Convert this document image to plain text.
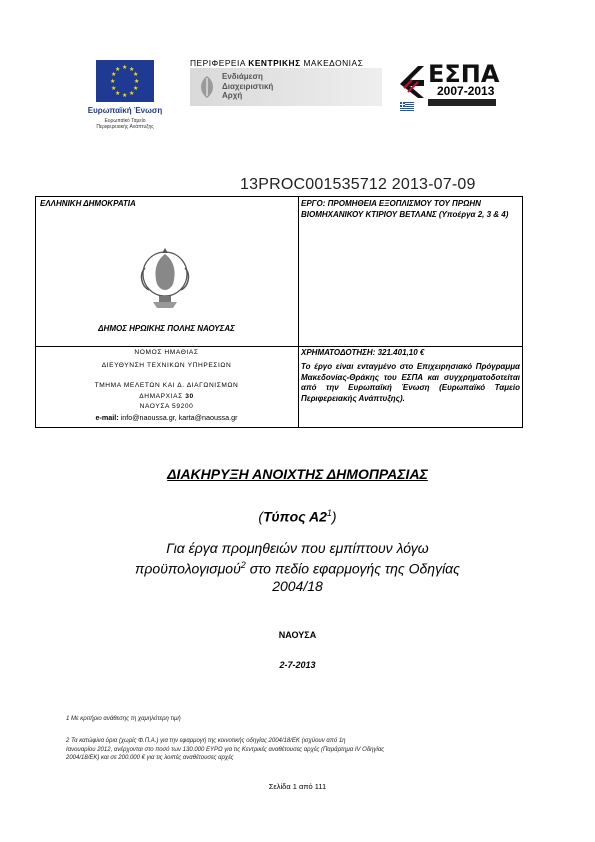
★ ★
★
★
★
★
★
★
★
★
★
★
Ευρωπαϊκή Ένωση
Ευρωπαϊκό Ταμείο
Περιφερειακής Ανάπτυξης
ΠΕΡΙΦΕΡΕΙΑ ΚΕΝΤΡΙΚΗΣ ΜΑΚΕΔΟΝΙΑΣ
Ενδιάμεση
Διαχειριστική
Αρχή
ΕΣΠΑ
2007-2013
13PROC001535712 2013-07-09
ΕΛΛΗΝΙΚΗ ΔΗΜΟΚΡΑΤΙΑ
ΔΗΜΟΣ ΗΡΩΙΚΗΣ ΠΟΛΗΣ ΝΑΟΥΣΑΣ
ΕΡΓΟ: ΠΡΟΜΗΘΕΙΑ ΕΞΟΠΛΙΣΜΟΥ ΤΟΥ ΠΡΩΗΝ ΒΙΟΜΗΧΑΝΙΚΟΥ ΚΤΙΡΙΟΥ ΒΕΤΛΑΝΣ (Υποέργα 2, 3 & 4)
ΝΟΜΟΣ ΗΜΑΘΙΑΣ	ΧΡΗΜΑΤΟΔΟΤΗΣΗ: 321.401,10 €
ΔΙΕΥΘΥΝΣΗ ΤΕΧΝΙΚΩΝ ΥΠΗΡΕΣΙΩΝ
ΤΜΗΜΑ ΜΕΛΕΤΩΝ ΚΑΙ Δ. ΔΙΑΓΩΝΙΣΜΩΝ
ΔΗΜΑΡΧΙΑΣ 30
ΝΑΟΥΣΑ 59200
e-mail: info@naoussa.gr, karta@naoussa.gr
Το έργο είναι ενταγμένο στο Επιχειρησιακό Πρόγραμμα Μακεδονίας-Θράκης του ΕΣΠΑ και συγχρηματοδοτείται από την Ευρωπαϊκή Ένωση (Ευρωπαϊκό Ταμείο Περιφερειακής Ανάπτυξης).
ΔΙΑΚΗΡΥΞΗ ΑΝΟΙΧΤΗΣ ΔΗΜΟΠΡΑΣΙΑΣ
(Τύπος $A2^1$)
Για έργα προμηθειών που εμπίπτουν λόγω
προϋπολογισμού$^2$ στο πεδίο εφαρμογής της Οδηγίας
2004/18
ΝΑΟΥΣΑ
2-7-2013
1 Με κριτήριο ανάθεσης τη χαμηλότερη τιμή
2 Τα κατώφλια όρια (χωρίς Φ.Π.Α.) για την εφαρμογή της κοινοτικής οδηγίας 2004/18/ΕΚ (ισχύουν από 1η
Ιανουαρίου 2012, ανέρχονται στο ποσό των 130.000 ΕΥΡΩ για τις Κεντρικές αναθέτουσες αρχές (Παράρτημα IV Οδηγίας
2004/18/ΕΚ) και σε 200.000 € για τις λοιπές αναθέτουσες αρχές
Σελίδα 1 από 111
